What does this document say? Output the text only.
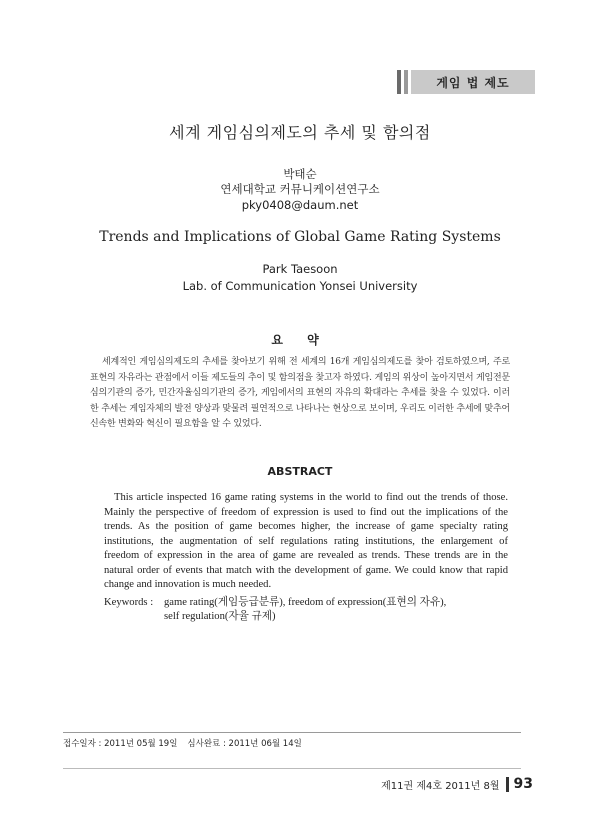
게임 법 제도
세계 게임심의제도의 추세 및 함의점
박태순
연세대학교 커뮤니케이션연구소
pky0408@daum.net
Trends and Implications of Global Game Rating Systems
Park Taesoon
Lab. of Communication Yonsei University
요 약
세계적인 게임심의제도의 추세를 찾아보기 위해 전 세계의 16개 게임심의제도를 찾아 검토하였으며, 주로 표현의 자유라는 관점에서 이들 제도들의 추이 및 함의점을 찾고자 하였다. 게임의 위상이 높아지면서 게임전문심의기관의 증가, 민간자율심의기관의 증가, 게임에서의 표현의 자유의 확대라는 추세를 찾을 수 있었다. 이러한 추세는 게임자체의 발전 양상과 맞물려 필연적으로 나타나는 현상으로 보이며, 우리도 이러한 추세에 맞추어 신속한 변화와 혁신이 필요함을 알 수 있었다.
ABSTRACT
This article inspected 16 game rating systems in the world to find out the trends of those. Mainly the perspective of freedom of expression is used to find out the implications of the trends. As the position of game becomes higher, the increase of game specialty rating institutions, the augmentation of self regulations rating institutions, the enlargement of freedom of expression in the area of game are revealed as trends. These trends are in the natural order of events that match with the development of game. We could know that rapid change and innovation is much needed.
Keywords : game rating(게임등급분류), freedom of expression(표현의 자유),
self regulation(자율 규제)
접수일자 : 2011년 05월 19일 심사완료 : 2011년 06월 14일
제11권 제4호 2011년 8월 93
